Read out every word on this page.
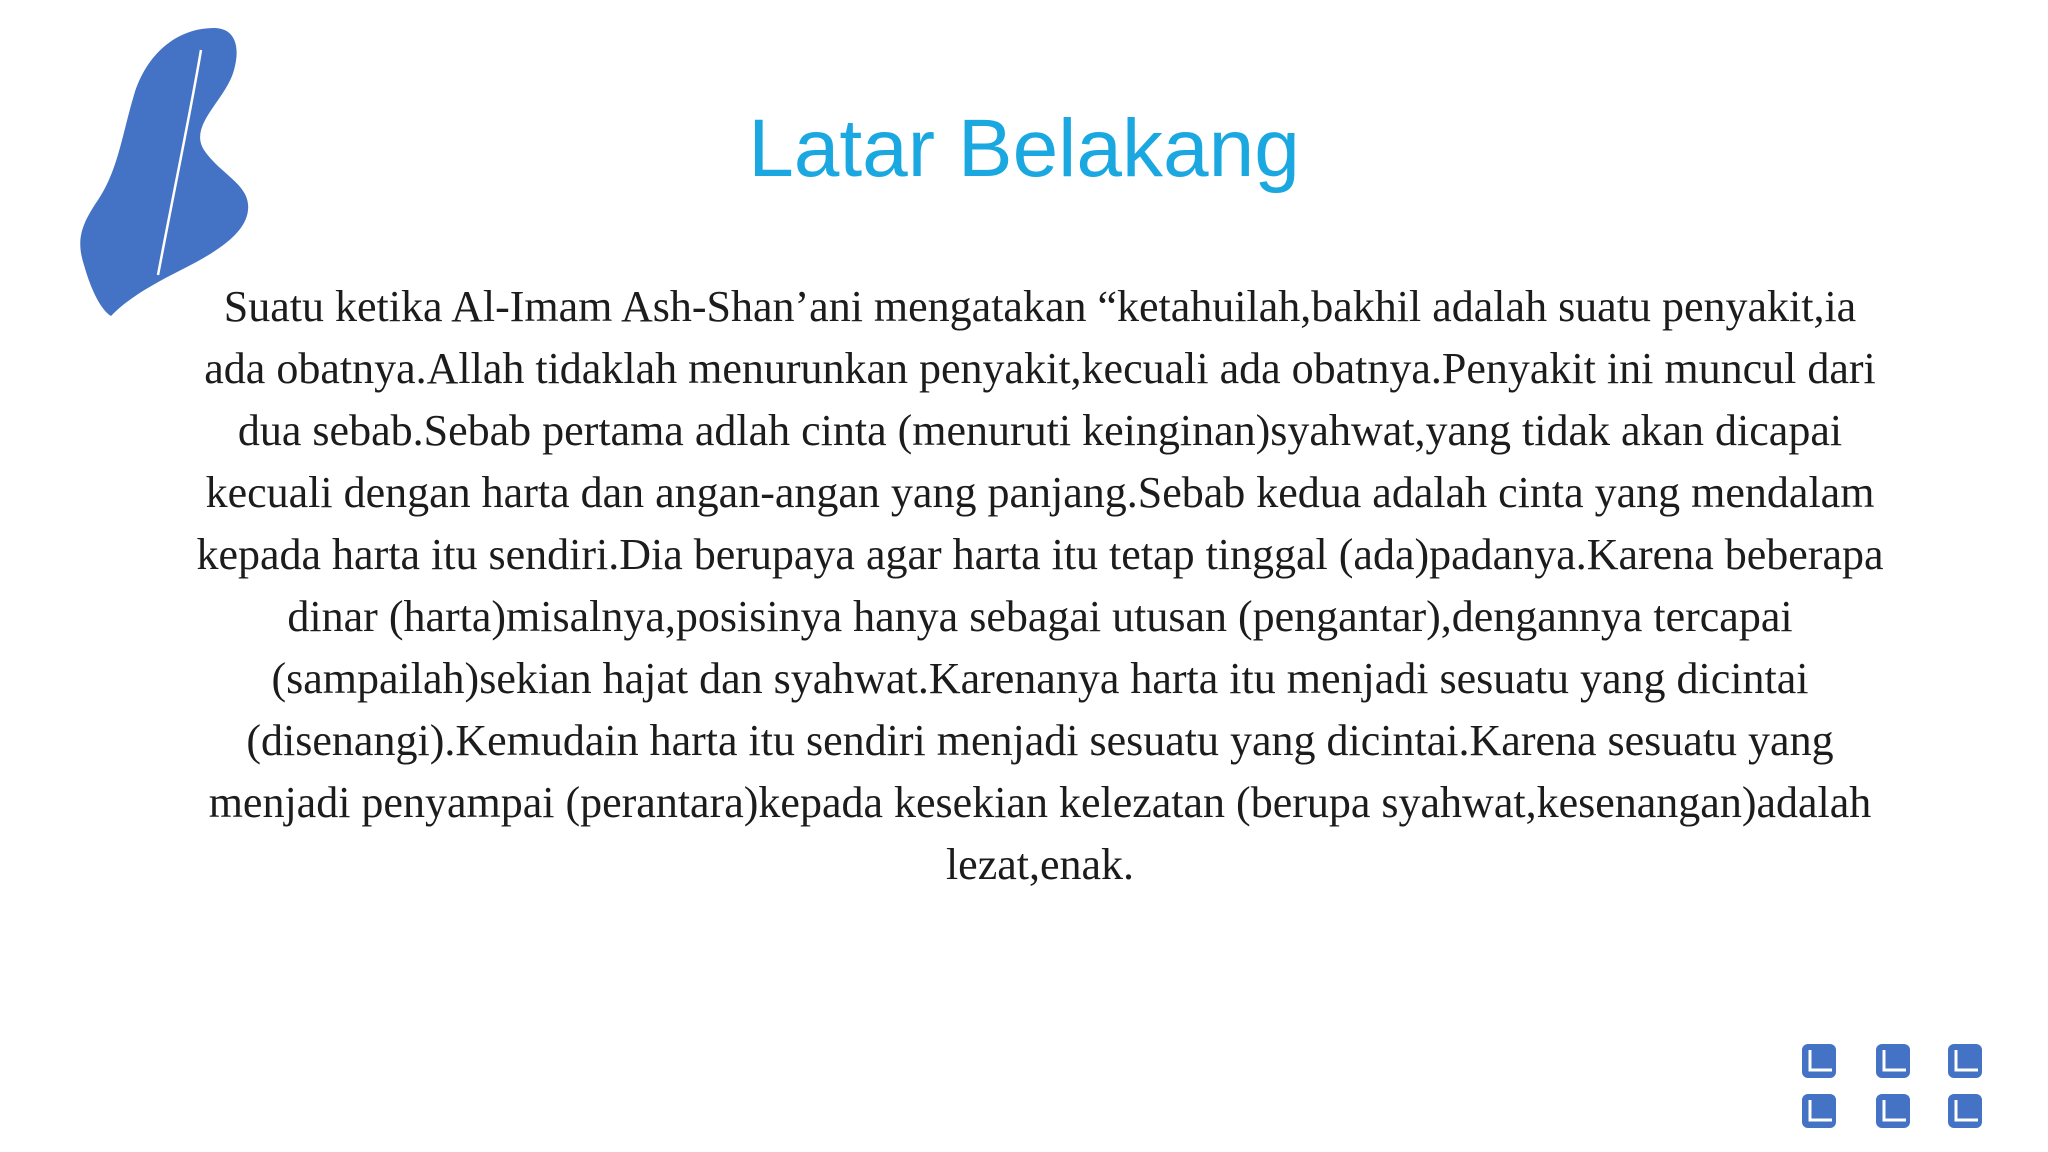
Latar Belakang

Suatu ketika Al-Imam Ash-Shan’ani mengatakan “ketahuilah,bakhil adalah suatu penyakit,ia ada obatnya.Allah tidaklah menurunkan penyakit,kecuali ada obatnya.Penyakit ini muncul dari dua sebab.Sebab pertama adlah cinta (menuruti keinginan)syahwat,yang tidak akan dicapai kecuali dengan harta dan angan-angan yang panjang.Sebab kedua adalah cinta yang mendalam kepada harta itu sendiri.Dia berupaya agar harta itu tetap tinggal (ada)padanya.Karena beberapa dinar (harta)misalnya,posisinya hanya sebagai utusan (pengantar),dengannya tercapai (sampailah)sekian hajat dan syahwat.Karenanya harta itu menjadi sesuatu yang dicintai (disenangi).Kemudain harta itu sendiri menjadi sesuatu yang dicintai.Karena sesuatu yang menjadi penyampai (perantara)kepada kesekian kelezatan (berupa syahwat,kesenangan)adalah lezat,enak.
